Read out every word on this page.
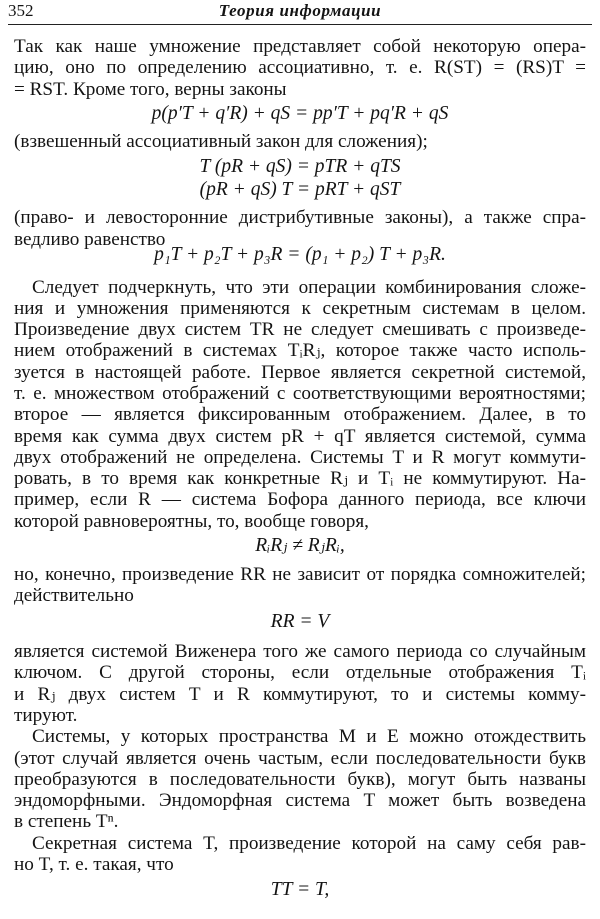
352	Теория информации

Так как наше умножение представляет собой некоторую опера-

цию, оно по определению ассоциативно, т. е. R(ST) = (RS)T =

= RST. Кроме того, верны законы

p(p′T + q′R) + qS = pp′T + pq′R + qS

(взвешенный ассоциативный закон для сложения);

T (pR + qS) = pTR + qTS
(pR + qS) T = pRT + qST

(право- и левосторонние дистрибутивные законы), а также спра-

ведливо равенство

p₁T + p₂T + p₃R = (p₁ + p₂) T + p₃R.

Следует подчеркнуть, что эти операции комбинирования сложе-

ния и умножения применяются к секретным системам в целом.

Произведение двух систем TR не следует смешивать с произведе-

нием отображений в системах TᵢRⱼ, которое также часто исполь-

зуется в настоящей работе. Первое является секретной системой,

т. е. множеством отображений с соответствующими вероятностями;

второе — является фиксированным отображением. Далее, в то

время как сумма двух систем pR + qT является системой, сумма

двух отображений не определена. Системы T и R могут коммути-

ровать, в то время как конкретные Rⱼ и Tᵢ не коммутируют. На-

пример, если R — система Бофора данного периода, все ключи

которой равновероятны, то, вообще говоря,

RᵢRⱼ ≠ RⱼRᵢ,

но, конечно, произведение RR не зависит от порядка сомножителей;

действительно

RR = V

является системой Виженера того же самого периода со случайным

ключом. С другой стороны, если отдельные отображения Tᵢ

и Rⱼ двух систем T и R коммутируют, то и системы комму-

тируют.

Системы, у которых пространства M и E можно отождествить

(этот случай является очень частым, если последовательности букв

преобразуются в последовательности букв), могут быть названы

эндоморфными. Эндоморфная система T может быть возведена

в степень Tⁿ.

Секретная система T, произведение которой на саму себя рав-

но T, т. е. такая, что

TT = T,
